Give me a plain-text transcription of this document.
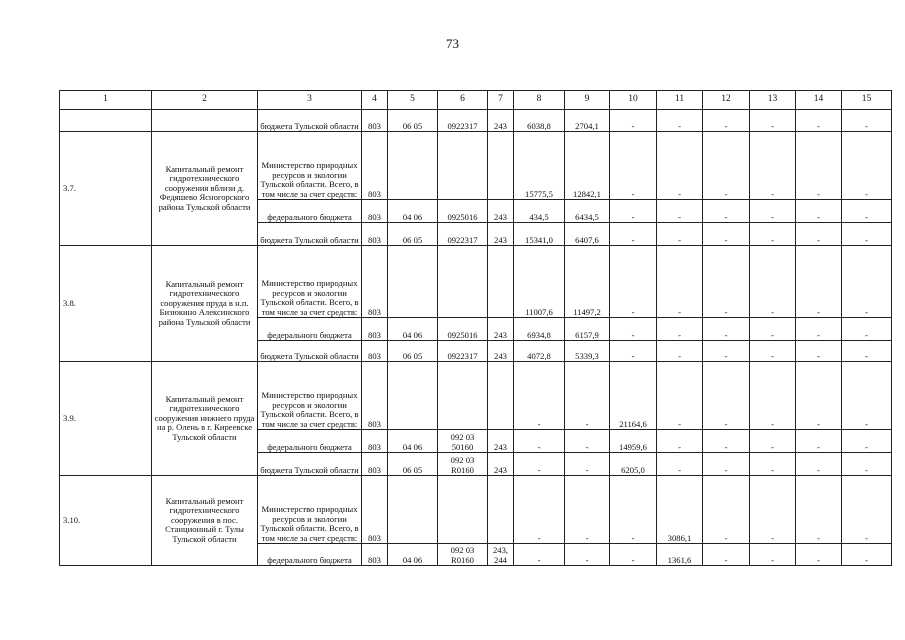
73
1	2	3	4	5	6	7	8	9	10	11	12	13	14	15
		бюджета Тульской области	803	06 05	0922317	243	6038,8	2704,1	-	-	-	-	-	-
3.7.	Капитальный ремонт гидротехнического сооружения вблизи д. Федяшево Ясногорского района Тульской области	Министерство природных ресурсов и экологии Тульской области. Всего, в том числе за счет средств:	803				15775,5	12842,1	-	-	-	-	-	-
		федерального бюджета	803	04 06	0925016	243	434,5	6434,5	-	-	-	-	-	-
		бюджета Тульской области	803	06 05	0922317	243	15341,0	6407,6	-	-	-	-	-	-
3.8.	Капитальный ремонт гидротехнического сооружения пруда в н.п. Бизюкино Алексинского района Тульской области	Министерство природных ресурсов и экологии Тульской области. Всего, в том числе за счет средств:	803				11007,6	11497,2	-	-	-	-	-	-
		федерального бюджета	803	04 06	0925016	243	6934,8	6157,9	-	-	-	-	-	-
		бюджета Тульской области	803	06 05	0922317	243	4072,8	5339,3	-	-	-	-	-	-
3.9.	Капитальный ремонт гидротехнического сооружения нижнего пруда на р. Олень в г. Киреевске Тульской области	Министерство природных ресурсов и экологии Тульской области. Всего, в том числе за счет средств:	803				-	-	21164,6	-	-	-	-	-
		федерального бюджета	803	04 06	092 03 50160	243	-	-	14959,6	-	-	-	-	-
		бюджета Тульской области	803	06 05	092 03 R0160	243	-	-	6205,0	-	-	-	-	-
3.10.	Капитальный ремонт гидротехнического сооружения в пос. Станционный г. Тулы Тульской области	Министерство природных ресурсов и экологии Тульской области. Всего, в том числе за счет средств:	803				-	-	-	3086,1	-	-	-	-
		федерального бюджета	803	04 06	092 03 R0160	243, 244	-	-	-	1361,6	-	-	-	-
